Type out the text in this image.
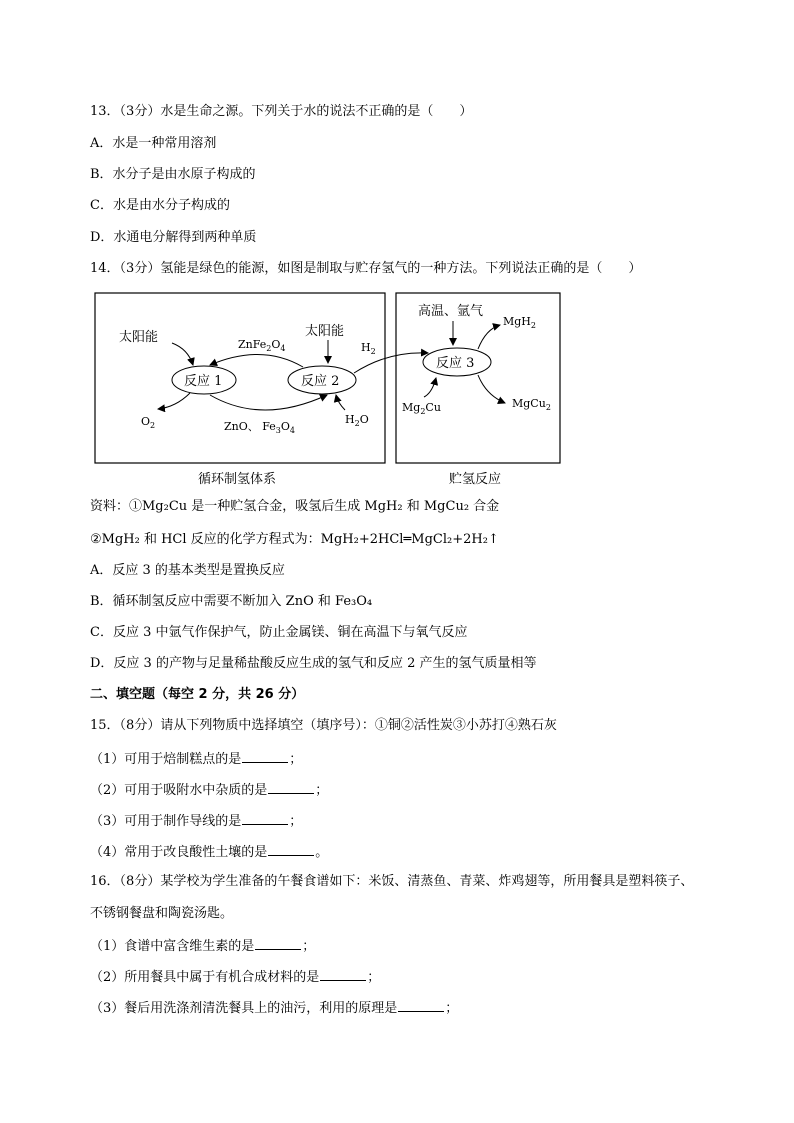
13．（3分）水是生命之源。下列关于水的说法不正确的是（　　）
A．水是一种常用溶剂
B．水分子是由水原子构成的
C．水是由水分子构成的
D．水通电分解得到两种单质
14．（3分）氢能是绿色的能源，如图是制取与贮存氢气的一种方法。下列说法正确的是（　　）
太阳能
反应 1	反应 2
$ZnFe_2O_4$
太阳能
ZnO、 $Fe_3O_4$
$O_2$	$H_2O$
$H_2$
高温、氩气
反应 3
MgH$_2$
$Mg_2Cu$	MgCu$_2$
循环制氢体系	贮氢反应
资料：①Mg₂Cu 是一种贮氢合金，吸氢后生成 MgH₂ 和 MgCu₂ 合金
②MgH₂ 和 HCl 反应的化学方程式为：MgH₂+2HCl═MgCl₂+2H₂↑
A．反应 3 的基本类型是置换反应
B．循环制氢反应中需要不断加入 ZnO 和 Fe₃O₄
C．反应 3 中氩气作保护气，防止金属镁、铜在高温下与氧气反应
D．反应 3 的产物与足量稀盐酸反应生成的氢气和反应 2 产生的氢气质量相等
二、填空题（每空 2 分，共 26 分）
15．（8分）请从下列物质中选择填空（填序号）：①铜②活性炭③小苏打④熟石灰
（1）可用于焙制糕点的是	；
（2）可用于吸附水中杂质的是	；
（3）可用于制作导线的是	；
（4）常用于改良酸性土壤的是	。
16．（8分）某学校为学生准备的午餐食谱如下：米饭、清蒸鱼、青菜、炸鸡翅等，所用餐具是塑料筷子、
不锈钢餐盘和陶瓷汤匙。
（1）食谱中富含维生素的是	；
（2）所用餐具中属于有机合成材料的是	；
（3）餐后用洗涤剂清洗餐具上的油污，利用的原理是	；
